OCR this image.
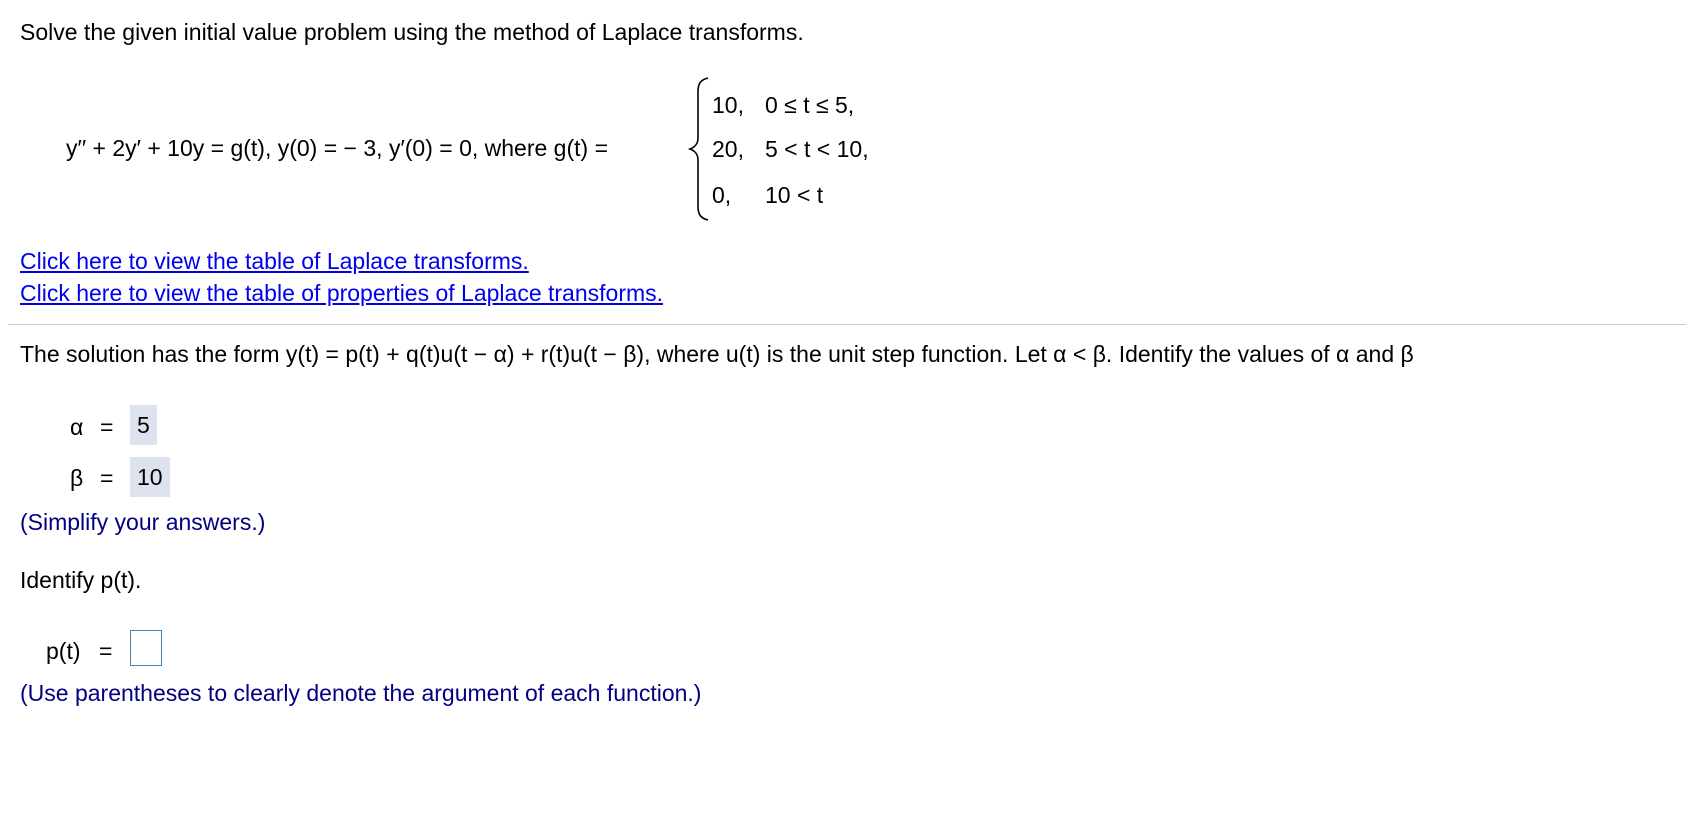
Solve the given initial value problem using the method of Laplace transforms.
y′′ + 2y′ + 10y = g(t), y(0) = − 3, y′(0) = 0, where g(t) =
10, 0 ≤ t ≤ 5,
20, 5 < t < 10,
0, 10 < t
Click here to view the table of Laplace transforms.
Click here to view the table of properties of Laplace transforms.
The solution has the form y(t) = p(t) + q(t)u(t − α) + r(t)u(t − β), where u(t) is the unit step function. Let α < β. Identify the values of α and β
α =	5
β =	10
(Simplify your answers.)
Identify p(t).
p(t) =
(Use parentheses to clearly denote the argument of each function.)
